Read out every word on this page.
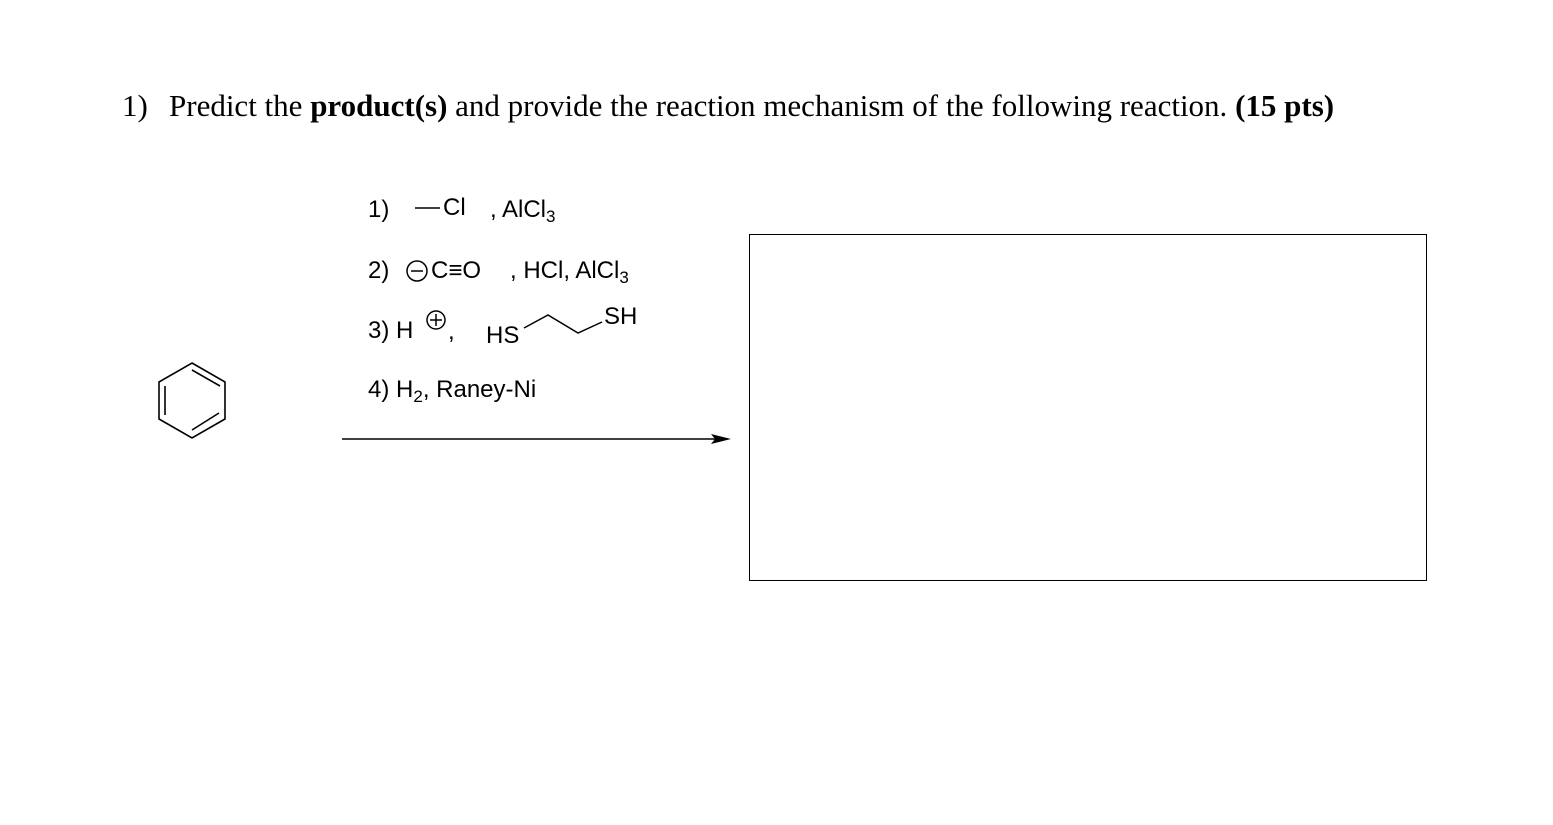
1) Predict the product(s) and provide the reaction mechanism of the following reaction. (15 pts)
1) Cl , AlCl$_3$
2) C≡O , HCl, AlCl$_3$
3) H , HS
SH
4) $H_2$, Raney-Ni
